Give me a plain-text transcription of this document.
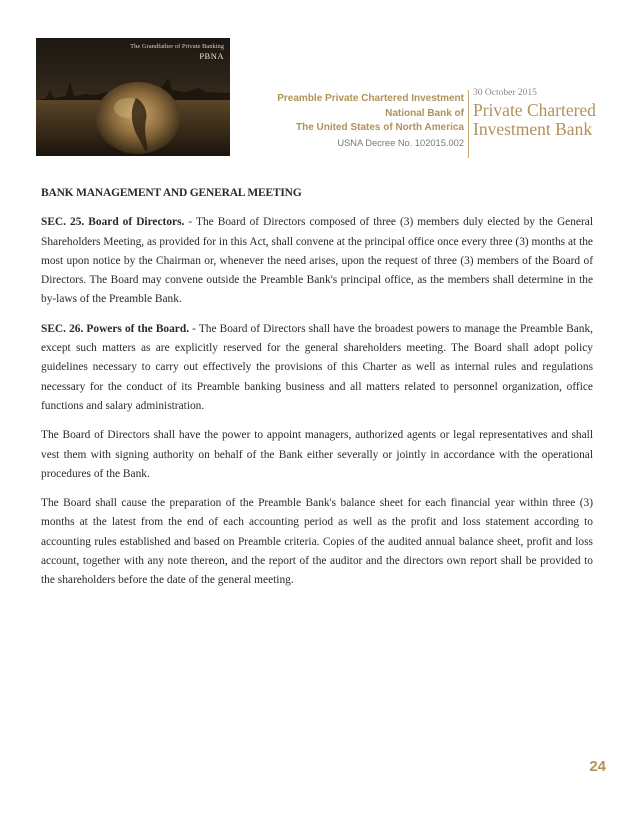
The Grandfather of Private Banking
PBNA
Preamble Private Chartered Investment
National Bank of
The United States of North America
USNA Decree No. 102015.002
30 October 2015
Private Chartered
Investment Bank
BANK MANAGEMENT AND GENERAL MEETING

SEC. 25. Board of Directors. - The Board of Directors composed of three (3) members duly elected by the General Shareholders Meeting, as provided for in this Act, shall convene at the principal office once every three (3) months at the most upon notice by the Chairman or, whenever the need arises, upon the request of three (3) members of the Board of Directors. The Board may convene outside the Preamble Bank's principal office, as the members shall determine in the by-laws of the Preamble Bank.

SEC. 26. Powers of the Board. - The Board of Directors shall have the broadest powers to manage the Preamble Bank, except such matters as are explicitly reserved for the general shareholders meeting. The Board shall adopt policy guidelines necessary to carry out effectively the provisions of this Charter as well as internal rules and regulations necessary for the conduct of its Preamble banking business and all matters related to personnel organization, office functions and salary administration.

The Board of Directors shall have the power to appoint managers, authorized agents or legal representatives and shall vest them with signing authority on behalf of the Bank either severally or jointly in accordance with the operational procedures of the Bank.

The Board shall cause the preparation of the Preamble Bank's balance sheet for each financial year within three (3) months at the latest from the end of each accounting period as well as the profit and loss statement according to accounting rules established and based on Preamble criteria. Copies of the audited annual balance sheet, profit and loss account, together with any note thereon, and the report of the auditor and the directors own report shall be provided to the shareholders before the date of the general meeting.

24
